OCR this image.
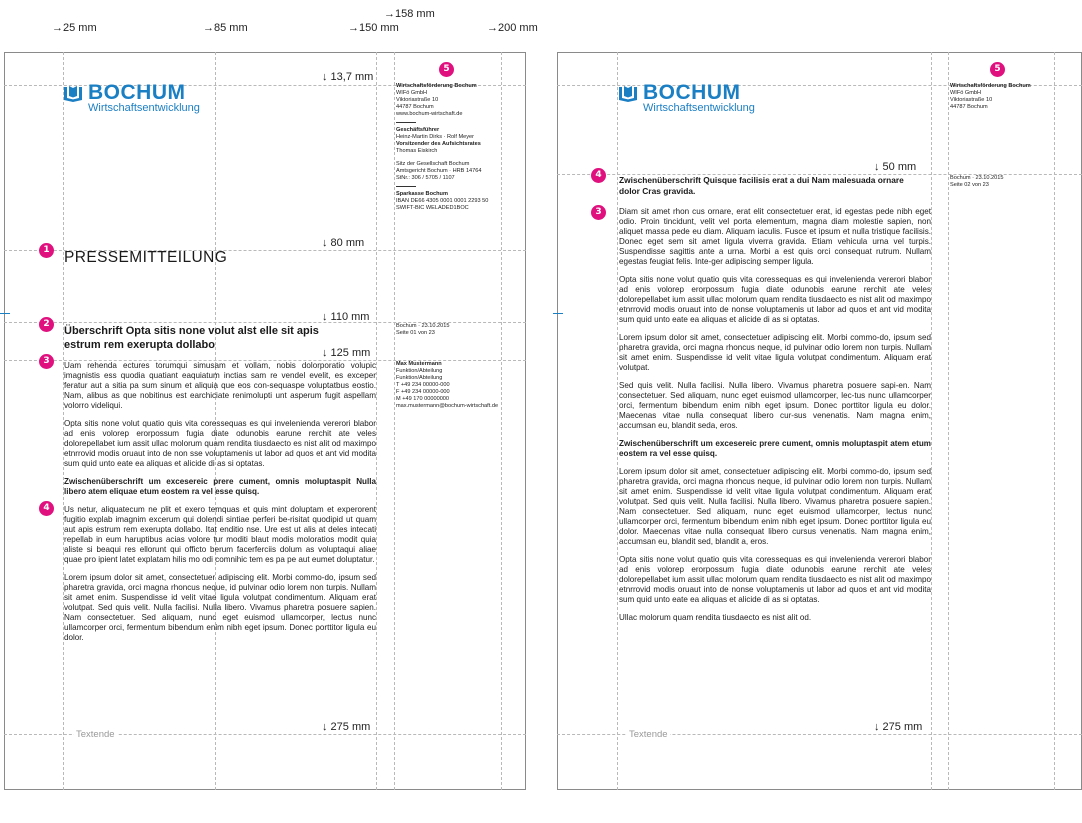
→25 mm	→85 mm	→150 mm
→158 mm
→200 mm
BOCHUM
Wirtschaftsentwicklung
↓ 13,7 mm
↓ 80 mm
↓ 110 mm
↓ 125 mm
↓ 275 mm
1
2
3
4
5
PRESSEMITTEILUNG
Überschrift Opta sitis none volut alst elle sit apis estrum rem exerupta dollabo

Uam rehenda ectures torumqui simusam et vollam, nobis dolorporatio volupic imagnistis ess quodia quatiant eaquiatum inctias sam re vendel evelit, es exceper feratur aut a sitia pa sum sinum et aliquia que eos con-sequaspe voluptatbus eostio. Nam, alibus as que nobitinus est earchiciate renimolupti unt asperum fugit aspellam volorro videliqui.

Opta sitis none volut quatio quis vita coressequas es qui invelenienda vererori blabor ad enis volorep erorpossum fugia diate odunobis earune rerchit ate veles dolorepellabet ium assit ullac molorum quam rendita tiusdaecto es nist alit od maximpo etnrrovid modis oruaut into de non sse voluptamenis ut labor ad quos et ant vid modita sum quid unto eate ea aliquas et alicide di as si optatas.

Zwischenüberschrift um excesereic prere cument, omnis moluptaspit Nulla libero atem eliquae etum eostem ra vel esse quisq.

Us netur, aliquatecum ne plit et exero temquas et quis mint doluptam et experorent fugitio explab imagnim excerum qui dolendi sintiae perferi be-risitat quodipid ut quam aut apis estrum rem exerupta dollabo. Itat enditio nse. Ure est ut alis at deles intecati repellab in eum haruptibus acias volore tur moditi blaut modis moloratios modit quia aliste si beaqui res ellorunt qui officto berum facerferciis dolum as voluptaqui aliae quae pro ipient latet explatam hilis mo odi comnihic tem es pa pe aut eumet doluptatur.

Lorem ipsum dolor sit amet, consectetuer adipiscing elit. Morbi commo-do, ipsum sed pharetra gravida, orci magna rhoncus neque, id pulvinar odio lorem non turpis. Nullam sit amet enim. Suspendisse id velit vitae ligula volutpat condimentum. Aliquam erat volutpat. Sed quis velit. Nulla facilisi. Nulla libero. Vivamus pharetra posuere sapien. Nam consectetuer. Sed aliquam, nunc eget euismod ullamcorper, lectus nunc ullamcorper orci, fermentum bibendum enim nibh eget ipsum. Donec porttitor ligula eu dolor.

Textende
Wirtschaftsförderung Bochum
WIFö GmbH
Viktoriastraße 10
44787 Bochum
www.bochum-wirtschaft.de
Geschäftsführer
Heinz-Martin Dirks · Rolf Meyer
Vorsitzender des Aufsichtsrates
Thomas Eiskirch
Sitz der Gesellschaft Bochum
Amtsgericht Bochum · HRB 14764
StNr.: 306 / 5705 / 1107
Sparkasse Bochum
IBAN DE66 4305 0001 0001 2293 50
SWIFT-BIC WELADED1BOC
Bochum · 23.10.2015
Seite 01 von 23
Max Mustermann
Funktion/Abteilung
Funktion/Abteilung
T +49 234 00000-000
F +49 234 00000-000
M +49 170 00000000
max.mustermann@bochum-wirtschaft.de
BOCHUM
Wirtschaftsentwicklung
5
4
3
↓ 50 mm
↓ 275 mm
Zwischenüberschrift Quisque facilisis erat a dui Nam malesuada ornare dolor Cras gravida.

Diam sit amet rhon cus ornare, erat elit consectetuer erat, id egestas pede nibh eget odio. Proin tincidunt, velit vel porta elementum, magna diam molestie sapien, non aliquet massa pede eu diam. Aliquam iaculis. Fusce et ipsum et nulla tristique facilisis. Donec eget sem sit amet ligula viverra gravida. Etiam vehicula urna vel turpis. Suspendisse sagittis ante a urna. Morbi a est quis orci consequat rutrum. Nullam egestas feugiat felis. Inte-ger adipiscing semper ligula.

Opta sitis none volut quatio quis vita coressequas es qui invelenienda vererori blabor ad enis volorep erorpossum fugia diate odunobis earune rerchit ate veles dolorepellabet ium assit ullac molorum quam rendita tiusdaecto es nist alit od maximpo etnrrovid modis oruaut into de nonse voluptamenis ut labor ad quos et ant vid modita sum quid unto eate ea aliquas et alicide di as si optatas.

Lorem ipsum dolor sit amet, consectetuer adipiscing elit. Morbi commo-do, ipsum sed pharetra gravida, orci magna rhoncus neque, id pulvinar odio lorem non turpis. Nullam sit amet enim. Suspendisse id velit vitae ligula volutpat condimentum. Aliquam erat volutpat.

Sed quis velit. Nulla facilisi. Nulla libero. Vivamus pharetra posuere sapi-en. Nam consectetuer. Sed aliquam, nunc eget euismod ullamcorper, lec-tus nunc ullamcorper orci, fermentum bibendum enim nibh eget ipsum. Donec porttitor ligula eu dolor. Maecenas vitae nulla consequat libero cur-sus venenatis. Nam magna enim, accumsan eu, blandit seda, eros.

Zwischenüberschrift um excesereic prere cument, omnis moluptaspit atem etum eostem ra vel esse quisq.

Lorem ipsum dolor sit amet, consectetuer adipiscing elit. Morbi commo-do, ipsum sed pharetra gravida, orci magna rhoncus neque, id pulvinar odio lorem non turpis. Nullam sit amet enim. Suspendisse id velit vitae ligula volutpat condimentum. Aliquam erat volutpat. Sed quis velit. Nulla facilisi. Nulla libero. Vivamus pharetra posuere sapien. Nam consectetuer. Sed aliquam, nunc eget euismod ullamcorper, lectus nunc ullamcorper orci, fermentum bibendum enim nibh eget ipsum. Donec porttitor ligula eu dolor. Maecenas vitae nulla consequat libero cursus venenatis. Nam magna enim, accumsan eu, blandit sed, blandit a, eros.

Opta sitis none volut quatio quis vita coressequas es qui invelenienda vererori blabor ad enis volorep erorpossum fugia diate odunobis earune rerchit ate veles dolorepellabet ium assit ullac molorum quam rendita tiusdaecto es nist alit od maximpo etnrrovid modis oruaut into de nonse voluptamenis ut labor ad quos et ant vid modita sum quid unto eate ea aliquas et alicide di as si optatas.

Ullac molorum quam rendita tiusdaecto es nist alit od.

Textende
Wirtschaftsförderung Bochum
WIFö GmbH
Viktoriastraße 10
44787 Bochum
Bochum · 23.10.2015
Seite 02 von 23
